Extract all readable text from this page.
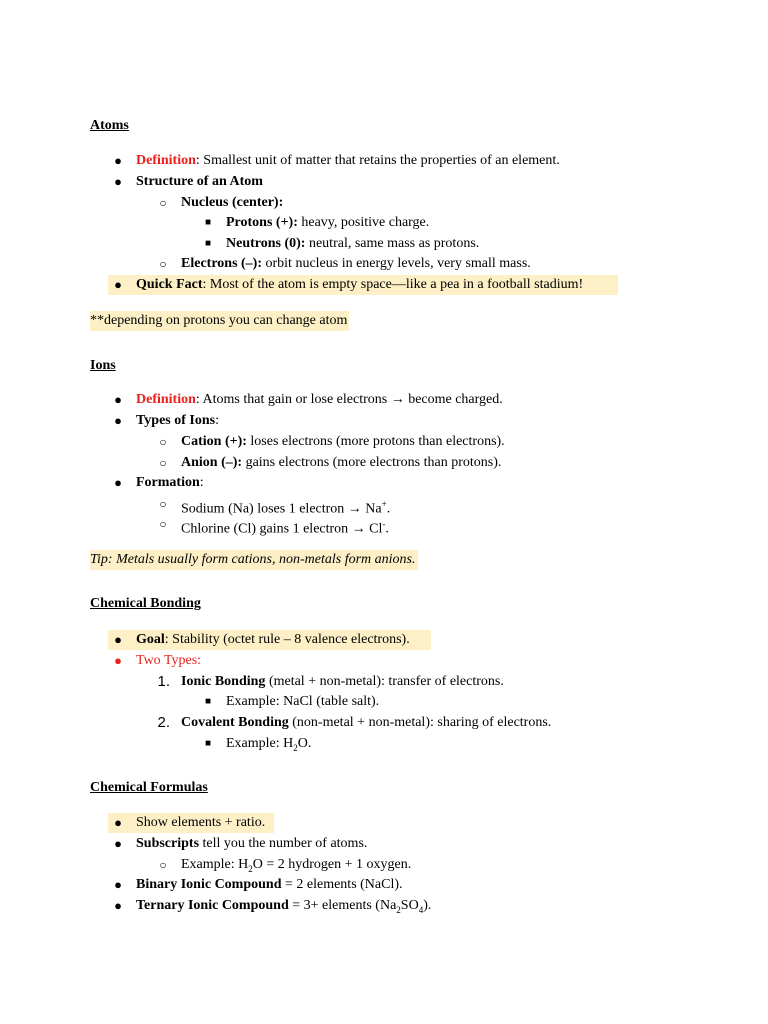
Atoms
●	Definition: Smallest unit of matter that retains the properties of an element.
●	Structure of an Atom
○	Nucleus (center):
■	Protons (+): heavy, positive charge.
■	Neutrons (0): neutral, same mass as protons.
○	Electrons (–): orbit nucleus in energy levels, very small mass.
●	Quick Fact: Most of the atom is empty space—like a pea in a football stadium!
**depending on protons you can change atom
Ions
●	Definition: Atoms that gain or lose electrons → become charged.
●	Types of Ions:
○	Cation (+): loses electrons (more protons than electrons).
○	Anion (–): gains electrons (more electrons than protons).
●	Formation:
○	Sodium (Na) loses 1 electron → Na+.
○	Chlorine (Cl) gains 1 electron → Cl-.
Tip: Metals usually form cations, non-metals form anions.
Chemical Bonding
●	Goal: Stability (octet rule – 8 valence electrons).
●	Two Types:
1. Ionic Bonding (metal + non-metal): transfer of electrons.
■	Example: NaCl (table salt).
2. Covalent Bonding (non-metal + non-metal): sharing of electrons.
■	Example: $H_2O$.
Chemical Formulas
●	Show elements + ratio.
●	Subscripts tell you the number of atoms.
○	Example: $H_2O = 2$ hydrogen + 1 oxygen.
●	Binary Ionic Compound = 2 elements (NaCl).
●	Ternary Ionic Compound = 3+ elements $(Na_2SO_4)$.
